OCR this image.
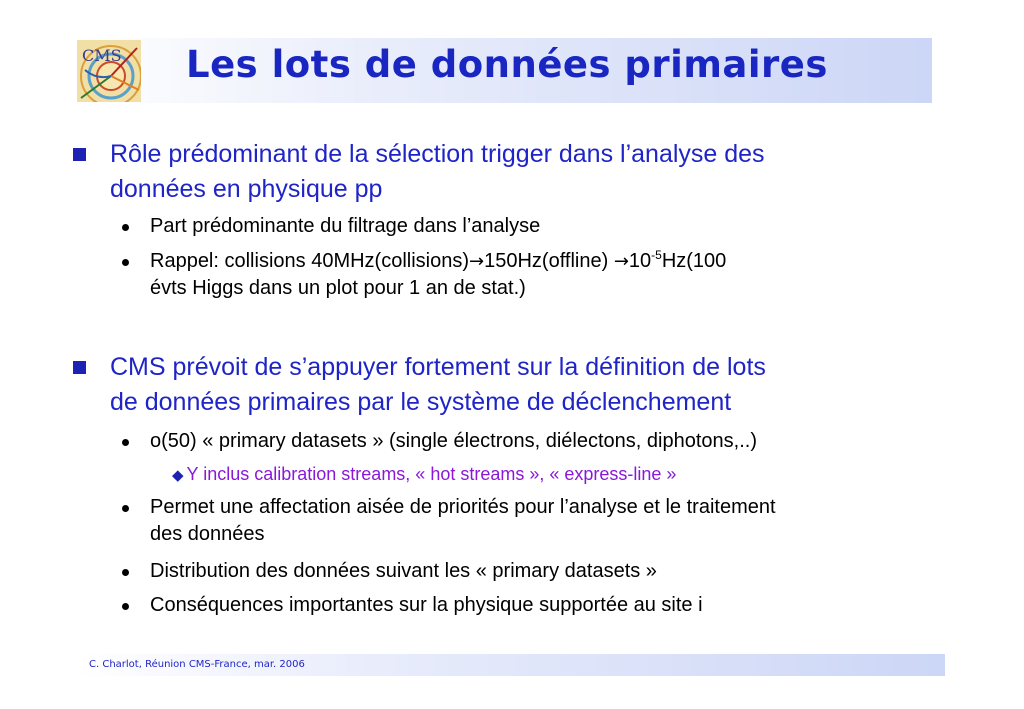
CMS Les lots de données primaires
Rôle prédominant de la sélection trigger dans l’analyse des
données en physique pp
Part prédominante du filtrage dans l’analyse
Rappel: collisions 40MHz(collisions)→150Hz(offline) $\to 10^{-5}Hz(100$
évts Higgs dans un plot pour 1 an de stat.)
CMS prévoit de s’appuyer fortement sur la définition de lots
de données primaires par le système de déclenchement
o(50) « primary datasets » (single électrons, diélectons, diphotons,..)
◆ Y inclus calibration streams, « hot streams », « express-line »
Permet une affectation aisée de priorités pour l’analyse et le traitement
des données
Distribution des données suivant les « primary datasets »
Conséquences importantes sur la physique supportée au site i
C. Charlot, Réunion CMS-France, mar. 2006
